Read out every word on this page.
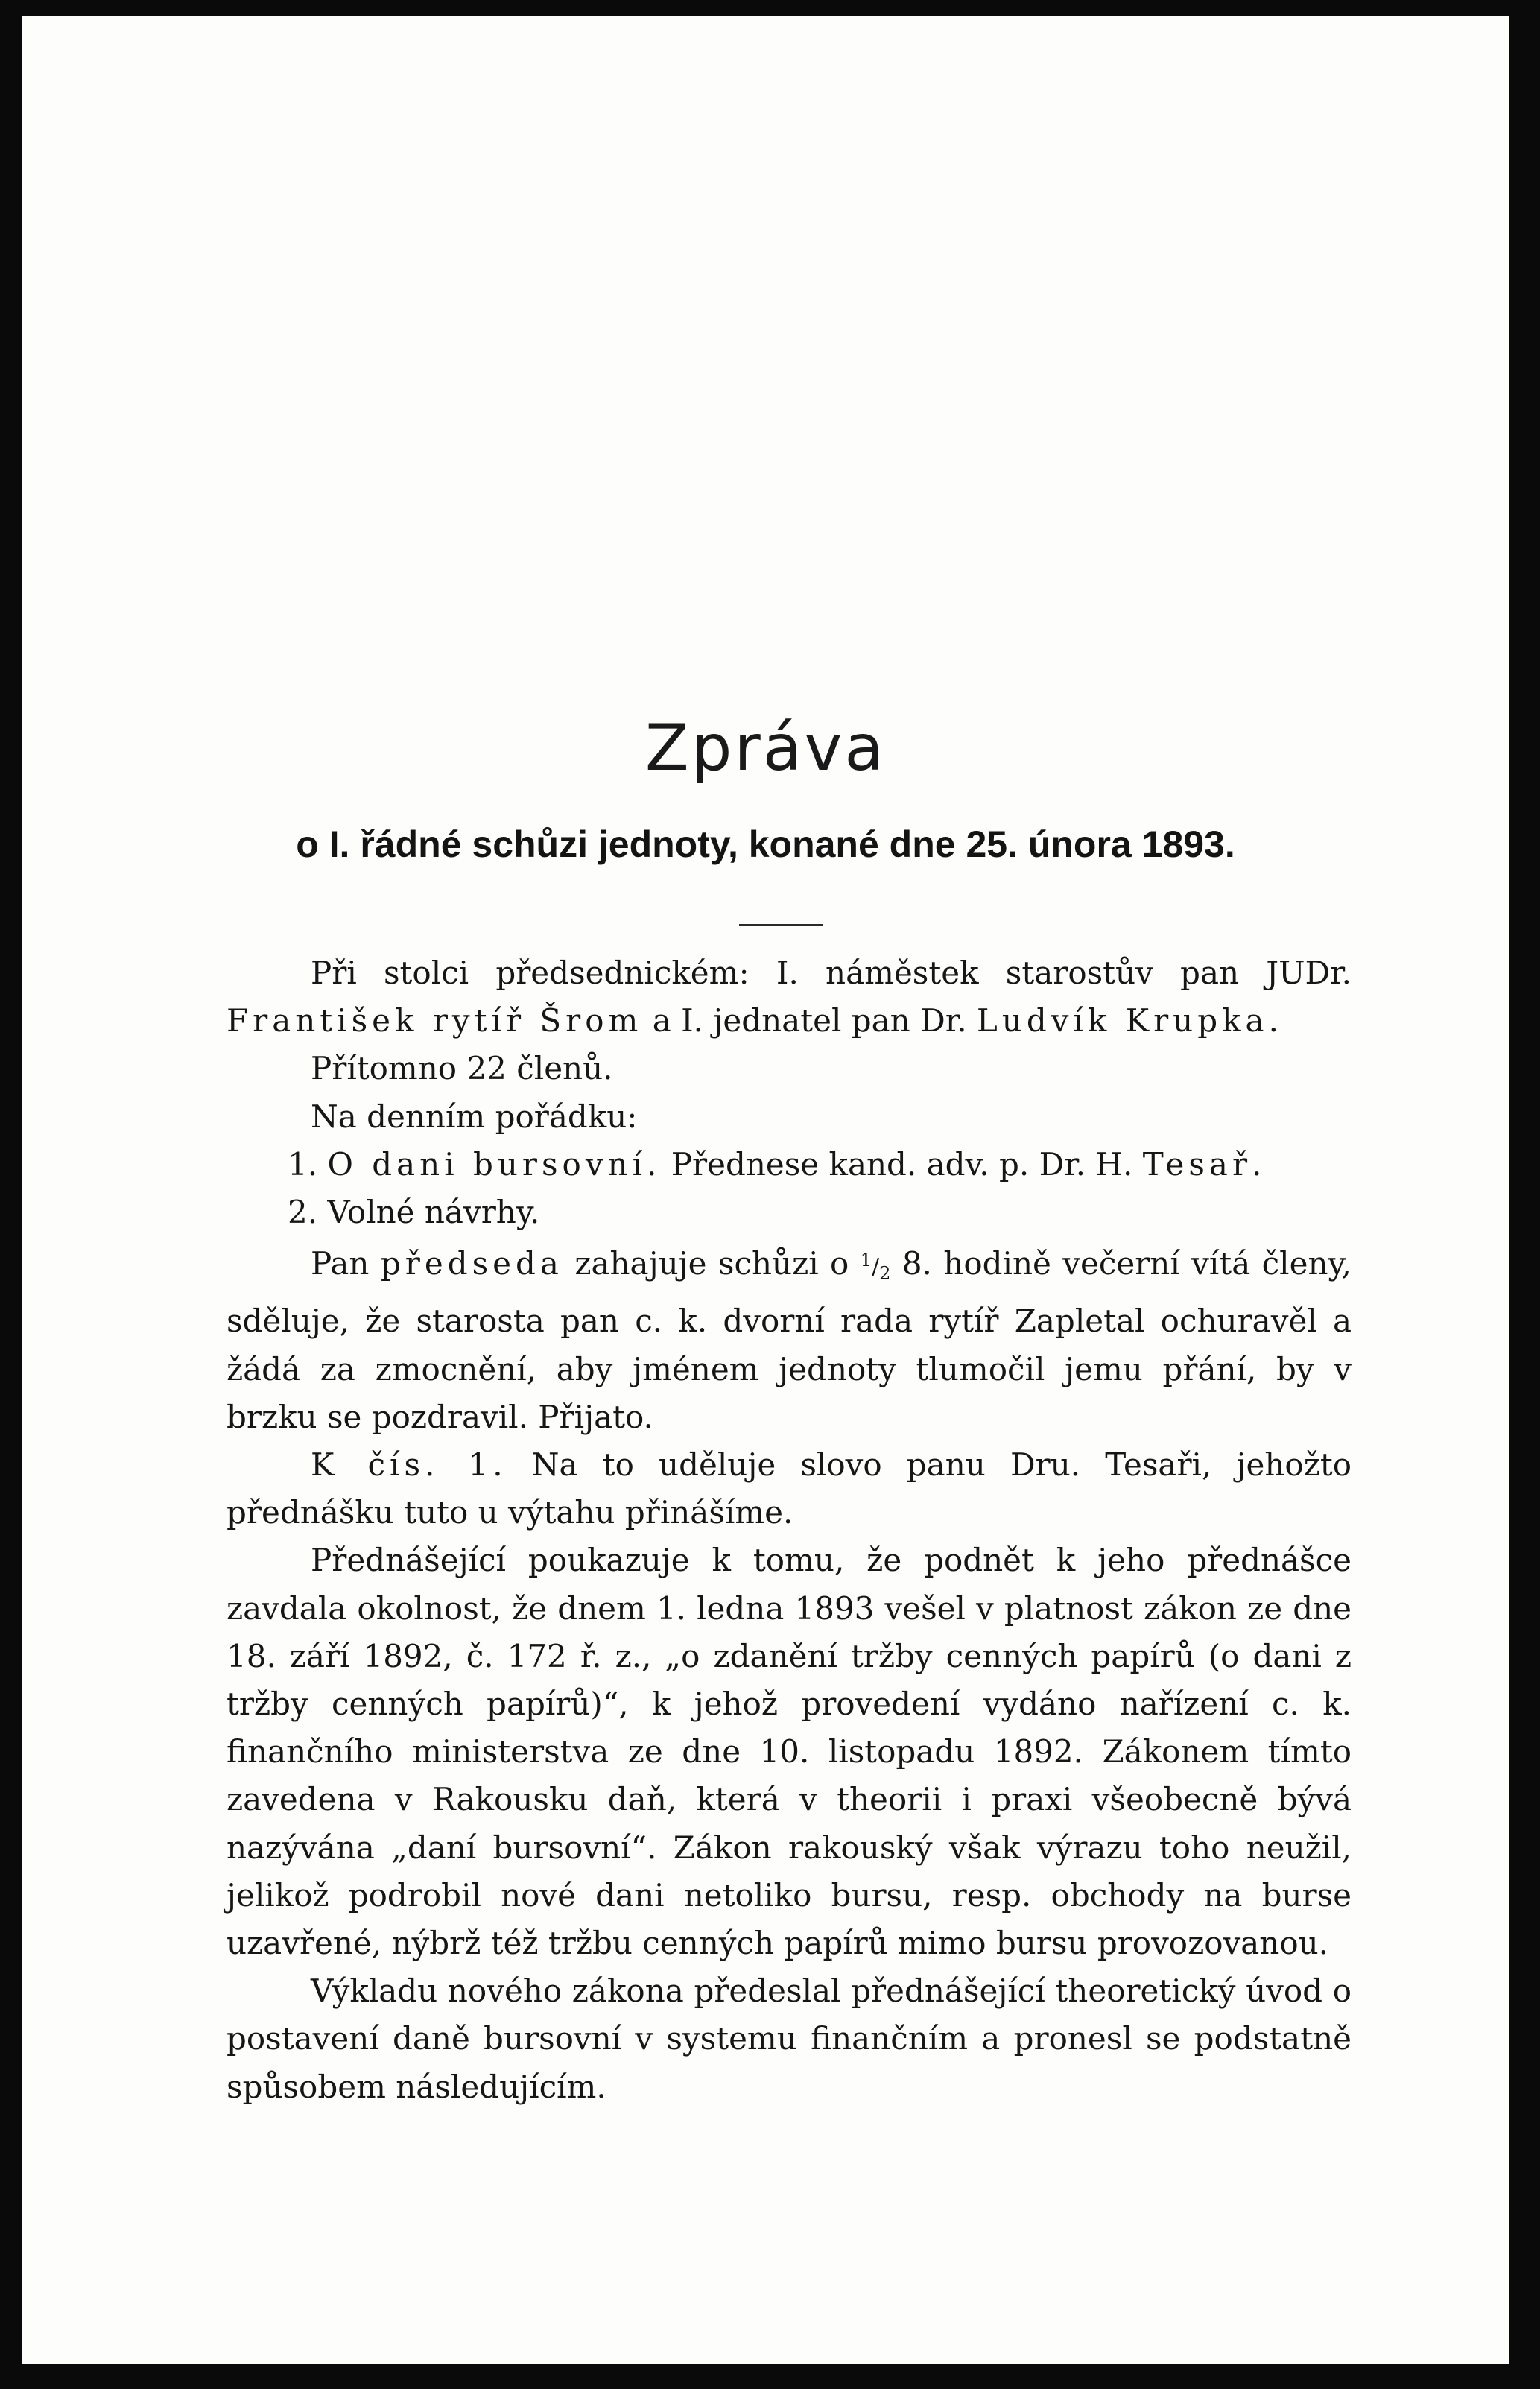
Zpráva
o I. řádné schůzi jednoty, konané dne 25. února 1893.

Při stolci předsednickém: I. náměstek starostův pan JUDr. František rytíř Šrom a I. jednatel pan Dr. Ludvík Krupka.

Přítomno 22 členů.

Na denním pořádku:

1. O dani bursovní. Přednese kand. adv. p. Dr. H. Tesař.

2. Volné návrhy.

Pan předseda zahajuje schůzi o $^1/_2$ 8. hodině večerní vítá členy, sděluje, že starosta pan c. k. dvorní rada rytíř Zapletal ochuravěl a žádá za zmocnění, aby jménem jednoty tlumočil jemu přání, by v brzku se pozdravil. Přijato.

K čís. 1. Na to uděluje slovo panu Dru. Tesaři, jehožto přednášku tuto u výtahu přinášíme.

Přednášející poukazuje k tomu, že podnět k jeho přednášce zavdala okolnost, že dnem 1. ledna 1893 vešel v platnost zákon ze dne 18. září 1892, č. 172 ř. z., „o zdanění tržby cenných papírů (o dani z tržby cenných papírů)“, k jehož provedení vydáno nařízení c. k. finančního ministerstva ze dne 10. listopadu 1892. Zákonem tímto zavedena v Rakousku daň, která v theorii i praxi všeobecně bývá nazývána „daní bursovní“. Zákon rakouský však výrazu toho neužil, jelikož podrobil nové dani netoliko bursu, resp. obchody na burse uzavřené, nýbrž též tržbu cenných papírů mimo bursu provozovanou.

Výkladu nového zákona předeslal přednášející theoretický úvod o postavení daně bursovní v systemu finančním a pronesl se podstatně spůsobem následujícím.
